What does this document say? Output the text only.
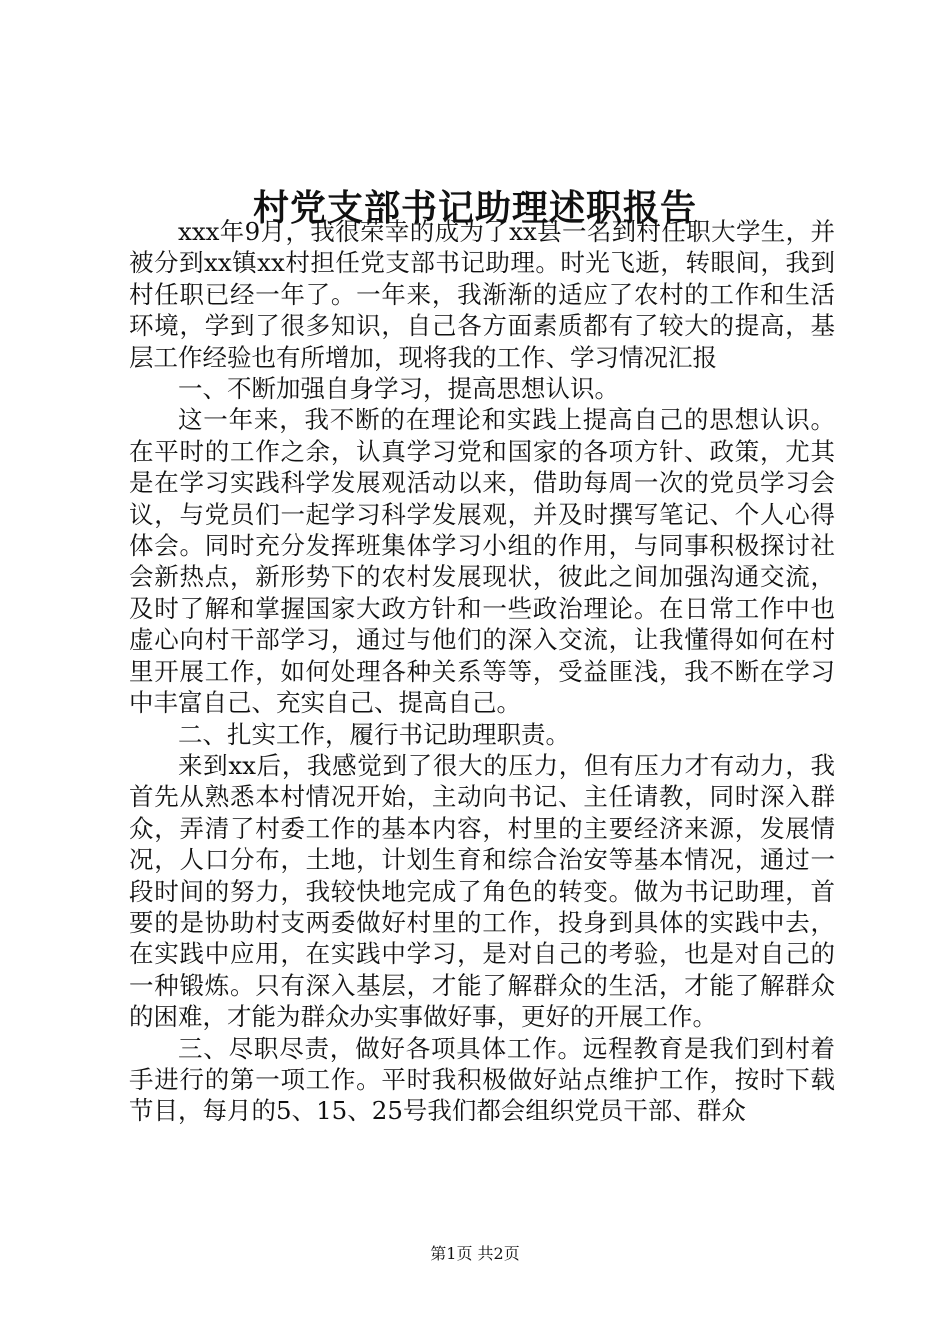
村党支部书记助理述职报告

xxx年9月，我很荣幸的成为了xx县一名到村任职大学生，并被分到xx镇xx村担任党支部书记助理。时光飞逝，转眼间，我到村任职已经一年了。一年来，我渐渐的适应了农村的工作和生活环境，学到了很多知识，自己各方面素质都有了较大的提高，基层工作经验也有所增加，现将我的工作、学习情况汇报

一、不断加强自身学习，提高思想认识。

这一年来，我不断的在理论和实践上提高自己的思想认识。在平时的工作之余，认真学习党和国家的各项方针、政策，尤其是在学习实践科学发展观活动以来，借助每周一次的党员学习会议，与党员们一起学习科学发展观，并及时撰写笔记、个人心得体会。同时充分发挥班集体学习小组的作用，与同事积极探讨社会新热点，新形势下的农村发展现状，彼此之间加强沟通交流，及时了解和掌握国家大政方针和一些政治理论。在日常工作中也虚心向村干部学习，通过与他们的深入交流，让我懂得如何在村里开展工作，如何处理各种关系等等，受益匪浅，我不断在学习中丰富自己、充实自己、提高自己。

二、扎实工作，履行书记助理职责。

来到xx后，我感觉到了很大的压力，但有压力才有动力，我首先从熟悉本村情况开始，主动向书记、主任请教，同时深入群众，弄清了村委工作的基本内容，村里的主要经济来源，发展情况，人口分布，土地，计划生育和综合治安等基本情况，通过一段时间的努力，我较快地完成了角色的转变。做为书记助理，首要的是协助村支两委做好村里的工作，投身到具体的实践中去，在实践中应用，在实践中学习，是对自己的考验，也是对自己的一种锻炼。只有深入基层，才能了解群众的生活，才能了解群众的困难，才能为群众办实事做好事，更好的开展工作。

三、尽职尽责，做好各项具体工作。远程教育是我们到村着手进行的第一项工作。平时我积极做好站点维护工作，按时下载节目，每月的5、15、25号我们都会组织党员干部、群众

第1页 共2页
